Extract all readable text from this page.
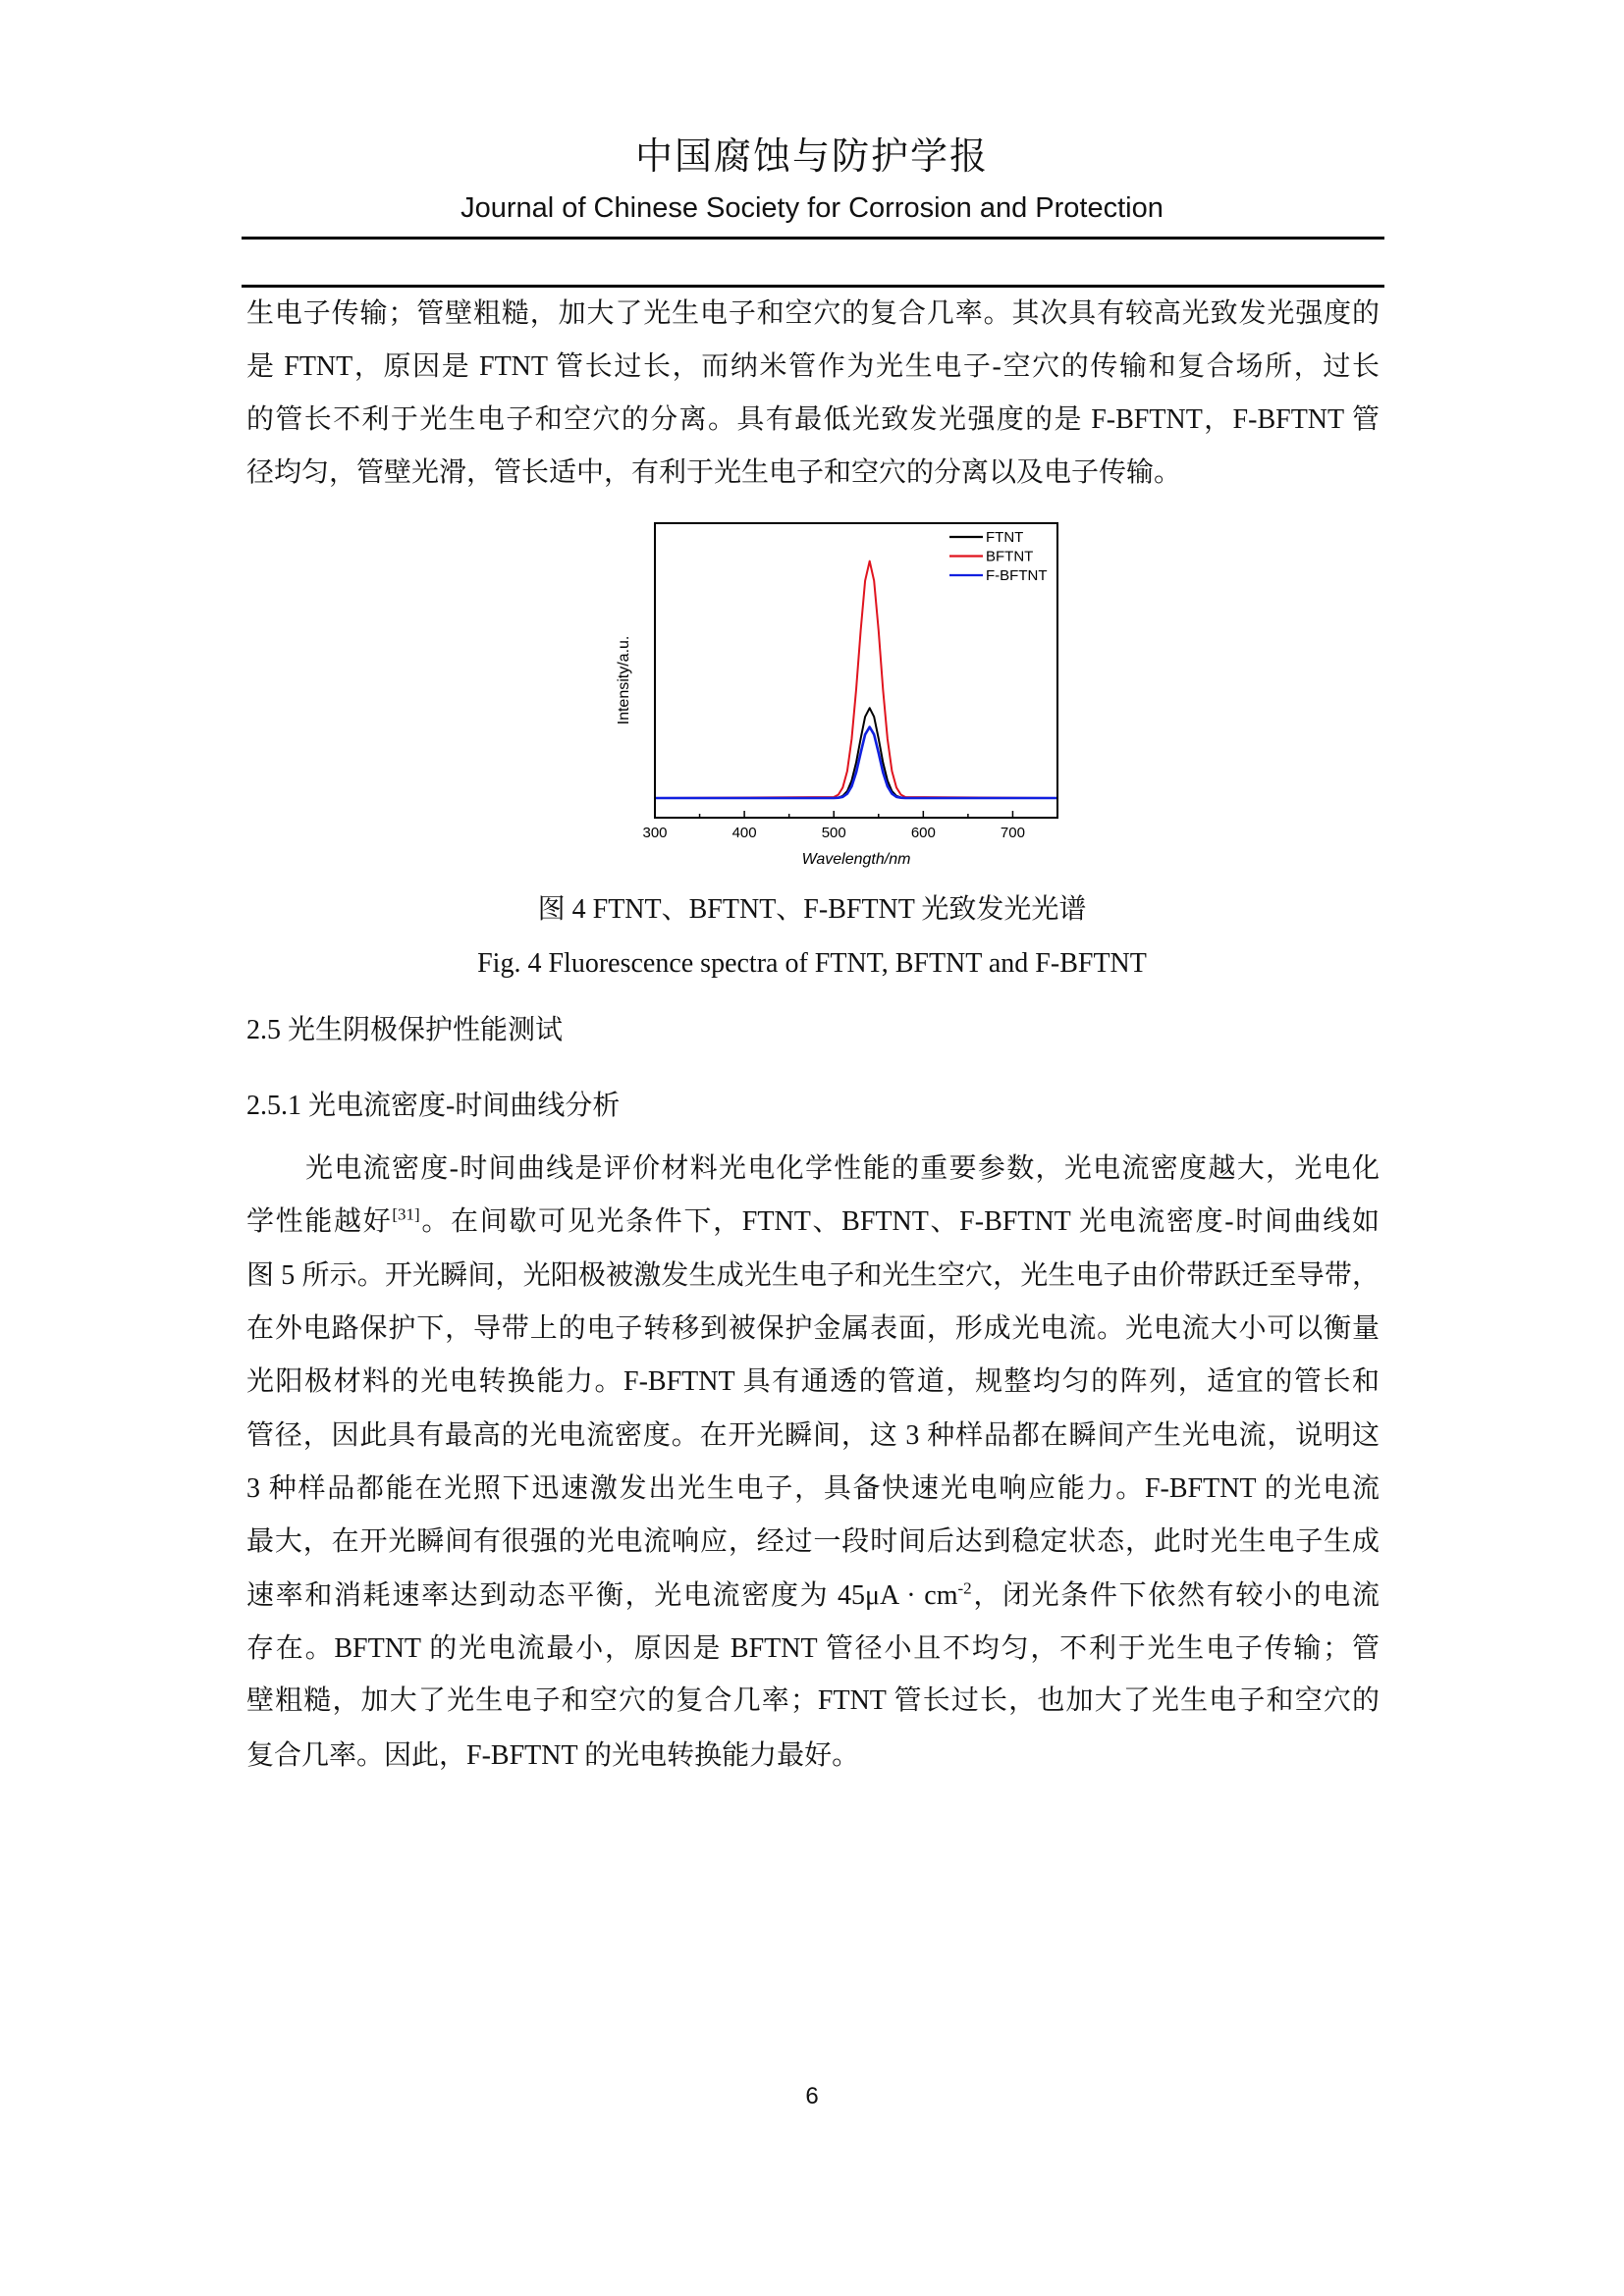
中国腐蚀与防护学报
Journal of Chinese Society for Corrosion and Protection
生电子传输；管壁粗糙，加大了光生电子和空穴的复合几率。其次具有较高光致发光强度的
是 FTNT，原因是 FTNT 管长过长，而纳米管作为光生电子-空穴的传输和复合场所，过长
的管长不利于光生电子和空穴的分离。具有最低光致发光强度的是 F-BFTNT，F-BFTNT 管
径均匀，管壁光滑，管长适中，有利于光生电子和空穴的分离以及电子传输。
300	400	500	600	700
Wavelength/nm
Intensity/a.u.
FTNT
BFTNT
F-BFTNT
图 4 FTNT、BFTNT、F-BFTNT 光致发光光谱
Fig. 4 Fluorescence spectra of FTNT, BFTNT and F-BFTNT
2.5 光生阴极保护性能测试
2.5.1 光电流密度-时间曲线分析
光电流密度-时间曲线是评价材料光电化学性能的重要参数，光电流密度越大，光电化
学性能越好[31]。在间歇可见光条件下，FTNT、BFTNT、F-BFTNT 光电流密度-时间曲线如
图 5 所示。开光瞬间，光阳极被激发生成光生电子和光生空穴，光生电子由价带跃迁至导带，
在外电路保护下，导带上的电子转移到被保护金属表面，形成光电流。光电流大小可以衡量
光阳极材料的光电转换能力。F-BFTNT 具有通透的管道，规整均匀的阵列，适宜的管长和
管径，因此具有最高的光电流密度。在开光瞬间，这 3 种样品都在瞬间产生光电流，说明这
3 种样品都能在光照下迅速激发出光生电子，具备快速光电响应能力。F-BFTNT 的光电流
最大，在开光瞬间有很强的光电流响应，经过一段时间后达到稳定状态，此时光生电子生成
速率和消耗速率达到动态平衡，光电流密度为 $45\mu A \cdot cm^{-2}$，闭光条件下依然有较小的电流
存在。BFTNT 的光电流最小，原因是 BFTNT 管径小且不均匀，不利于光生电子传输；管
壁粗糙，加大了光生电子和空穴的复合几率；FTNT 管长过长，也加大了光生电子和空穴的
复合几率。因此，F-BFTNT 的光电转换能力最好。
6
